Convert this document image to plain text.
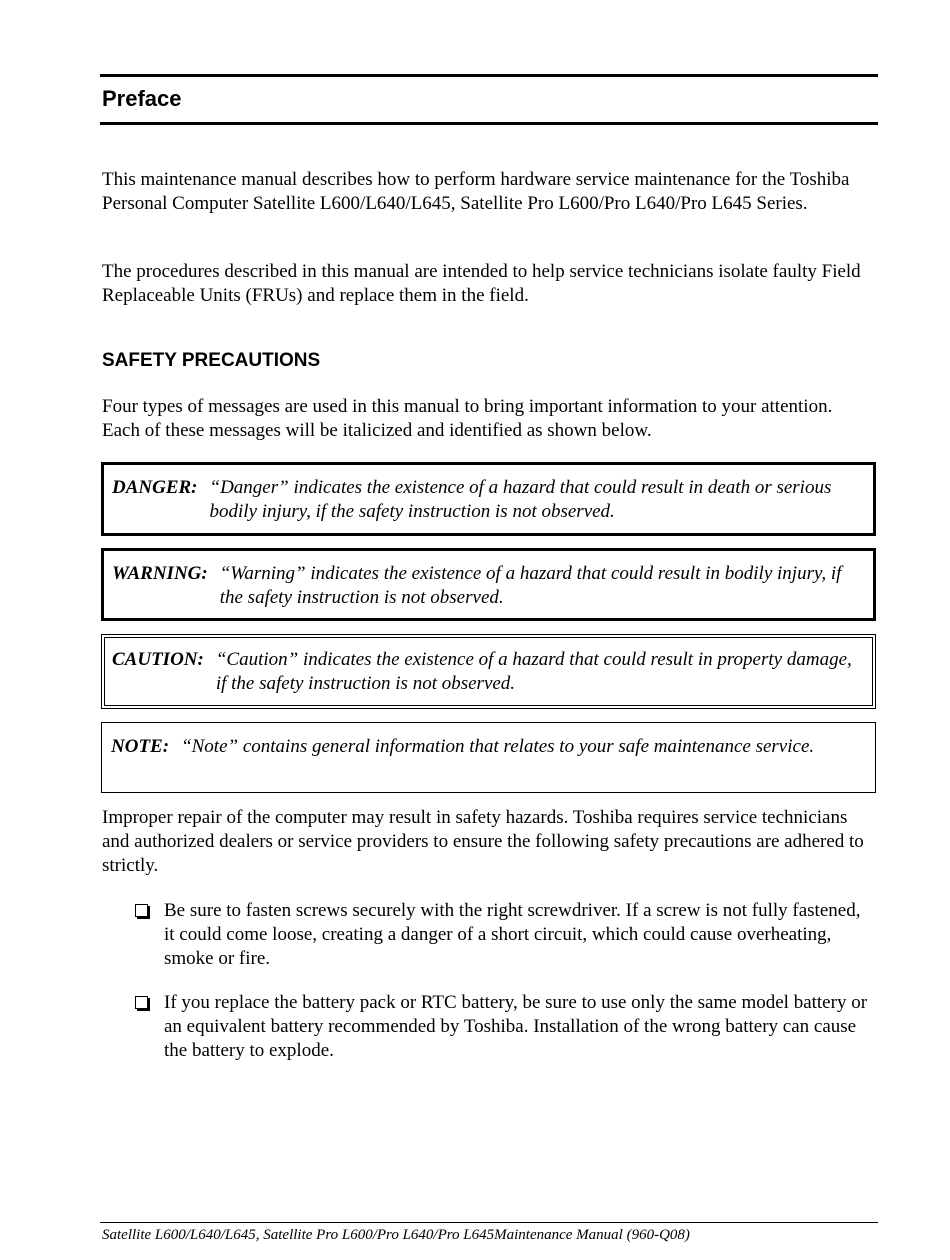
Preface

This maintenance manual describes how to perform hardware service maintenance for the Toshiba Personal Computer Satellite L600/L640/L645, Satellite Pro L600/Pro L640/Pro L645 Series.

The procedures described in this manual are intended to help service technicians isolate faulty Field Replaceable Units (FRUs) and replace them in the field.

SAFETY PRECAUTIONS

Four types of messages are used in this manual to bring important information to your attention. Each of these messages will be italicized and identified as shown below.

DANGER: “Danger” indicates the existence of a hazard that could result in death or serious bodily injury, if the safety instruction is not observed.
WARNING: “Warning” indicates the existence of a hazard that could result in bodily injury, if the safety instruction is not observed.
CAUTION: “Caution” indicates the existence of a hazard that could result in property damage, if the safety instruction is not observed.
NOTE: “Note” contains general information that relates to your safe maintenance service.

Improper repair of the computer may result in safety hazards. Toshiba requires service technicians and authorized dealers or service providers to ensure the following safety precautions are adhered to strictly.

Be sure to fasten screws securely with the right screwdriver. If a screw is not fully fastened, it could come loose, creating a danger of a short circuit, which could cause overheating, smoke or fire.
If you replace the battery pack or RTC battery, be sure to use only the same model battery or an equivalent battery recommended by Toshiba. Installation of the wrong battery can cause the battery to explode.

Satellite L600/L640/L645, Satellite Pro L600/Pro L640/Pro L645Maintenance Manual (960-Q08)
